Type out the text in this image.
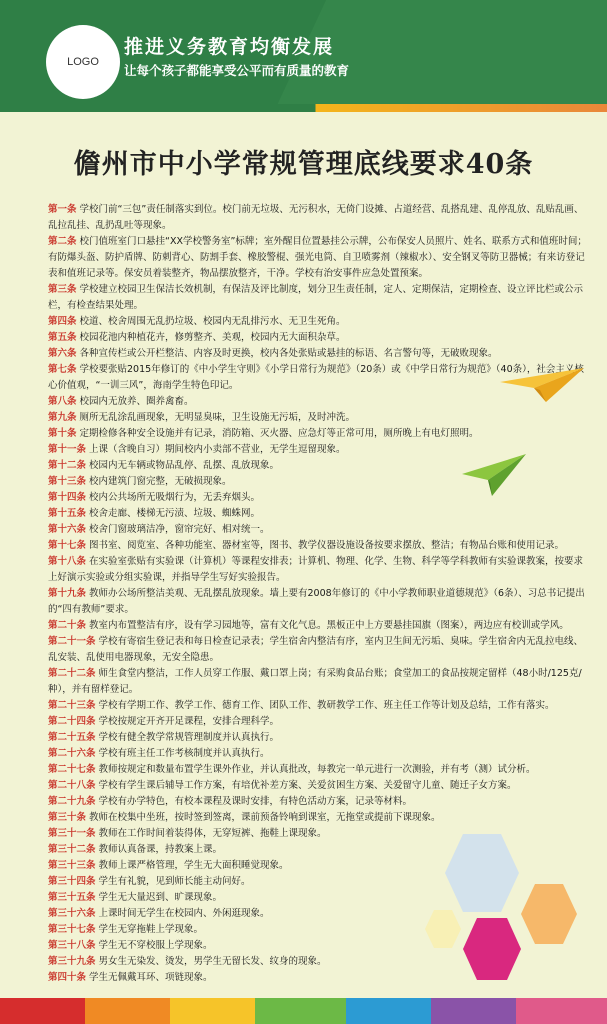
LOGO
推进义务教育均衡发展
让每个孩子都能享受公平而有质量的教育
儋州市中小学常规管理底线要求40条

第一条 学校门前“三包”责任制落实到位。校门前无垃圾、无污积水，无倚门设摊、占道经营、乱搭乱建、乱停乱放、乱贴乱画、乱拉乱挂、乱扔乱吐等现象。

第二条 校门值班室门口悬挂“XX学校警务室”标牌；室外醒目位置悬挂公示牌，公布保安人员照片、姓名、联系方式和值班时间；有防爆头盔、防护盾牌、防刺背心、防割手套、橡胶警棍、强光电筒、自卫喷雾剂（辣椒水）、安全钢叉等防卫器械；有来访登记表和值班记录等。保安员着装整齐，物品摆放整齐，干净。学校有治安事件应急处置预案。

第三条 学校建立校园卫生保洁长效机制，有保洁及评比制度，划分卫生责任制，定人、定期保洁，定期检查、设立评比栏或公示栏，有检查结果处理。

第四条 校道、校舍周围无乱扔垃圾、校园内无乱排污水、无卫生死角。

第五条 校园花池内种植花卉，修剪整齐、美观，校园内无大面积杂草。

第六条 各种宣传栏或公开栏整洁、内容及时更换，校内各处张贴或悬挂的标语、名言警句等，无破败现象。

第七条 学校要张贴2015年修订的《中小学生守则》《小学日常行为规范》（20条）或《中学日常行为规范》（40条），社会主义核心价值观，“一训三风”，海南学生特色印记。

第八条 校园内无放养、圈养禽畜。

第九条 厕所无乱涂乱画现象，无明显臭味，卫生设施无污垢，及时冲洗。

第十条 定期检修各种安全设施并有记录，消防箱、灭火器、应急灯等正常可用，厕所晚上有电灯照明。

第十一条 上课（含晚自习）期间校内小卖部不营业，无学生逗留现象。

第十二条 校园内无车辆或物品乱停、乱摆、乱放现象。

第十三条 校内建筑门窗完整，无破损现象。

第十四条 校内公共场所无吸烟行为，无丢弃烟头。

第十五条 校舍走廊、楼梯无污渍、垃圾、蜘蛛网。

第十六条 校舍门窗玻璃洁净，窗帘完好、相对统一。

第十七条 图书室、阅览室、各种功能室、器材室等，图书、教学仪器设施设备按要求摆放、整洁；有物品台账和使用记录。

第十八条 在实验室张贴有实验课（计算机）等课程安排表；计算机、物理、化学、生物、科学等学科教师有实验课教案，按要求上好演示实验或分组实验课，并指导学生写好实验报告。

第十九条 教师办公场所整洁美观、无乱摆乱放现象。墙上要有2008年修订的《中小学教师职业道德规范》（6条）、习总书记提出的“四有教师”要求。

第二十条 教室内布置整洁有序，设有学习园地等，富有文化气息。黑板正中上方要悬挂国旗（图案），两边应有校训或学风。

第二十一条 学校有寄宿生登记表和每日检查记录表；学生宿舍内整洁有序，室内卫生间无污垢、臭味。学生宿舍内无乱拉电线、乱安装、乱使用电器现象，无安全隐患。

第二十二条 师生食堂内整洁，工作人员穿工作服、戴口罩上岗；有采购食品台账；食堂加工的食品按规定留样（48小时/125克/种），并有留样登记。

第二十三条 学校有学期工作、教学工作、德育工作、团队工作、教研教学工作、班主任工作等计划及总结，工作有落实。

第二十四条 学校按规定开齐开足课程，安排合理科学。

第二十五条 学校有健全教学常规管理制度并认真执行。

第二十六条 学校有班主任工作考核制度并认真执行。

第二十七条 教师按规定和数量布置学生课外作业，并认真批改，每教完一单元进行一次测验，并有考（测）试分析。

第二十八条 学校有学生课后辅导工作方案，有培优补差方案、关爱贫困生方案、关爱留守儿童、随迁子女方案。

第二十九条 学校有办学特色，有校本课程及课时安排，有特色活动方案，记录等材料。

第三十条 教师在校集中坐班，按时签到签离，课前预备铃响到课室，无拖堂或提前下课现象。

第三十一条 教师在工作时间着装得体，无穿短裤、拖鞋上课现象。

第三十二条 教师认真备课，持教案上课。

第三十三条 教师上课严格管理，学生无大面积睡觉现象。

第三十四条 学生有礼貌，见到师长能主动问好。

第三十五条 学生无大量迟到、旷课现象。

第三十六条 上课时间无学生在校园内、外闲逛现象。

第三十七条 学生无穿拖鞋上学现象。

第三十八条 学生无不穿校服上学现象。

第三十九条 男女生无染发、烫发，男学生无留长发、纹身的现象。

第四十条 学生无佩戴耳环、项链现象。
